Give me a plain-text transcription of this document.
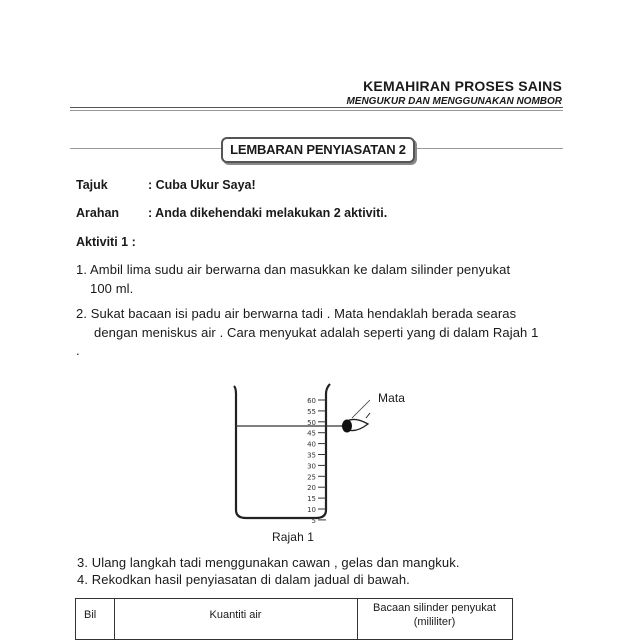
KEMAHIRAN PROSES SAINS
MENGUKUR DAN MENGGUNAKAN NOMBOR
LEMBARAN PENYIASATAN 2
Tajuk	: Cuba Ukur Saya!
Arahan : Anda dikehendaki melakukan 2 aktiviti.
Aktiviti 1 :
1. Ambil lima sudu air berwarna dan masukkan ke dalam silinder penyukat
100 ml.
2. Sukat bacaan isi padu air berwarna tadi . Mata hendaklah berada searas
dengan meniskus air . Cara menyukat adalah seperti yang di dalam Rajah 1
.
60
55
50
45
40
35
30
25
20
15
10
5
Mata
Rajah 1
3. Ulang langkah tadi menggunakan cawan , gelas dan mangkuk.
4. Rekodkan hasil penyiasatan di dalam jadual di bawah.
Bil	Kuantiti air
Bacaan silinder penyukat
(mililiter)
